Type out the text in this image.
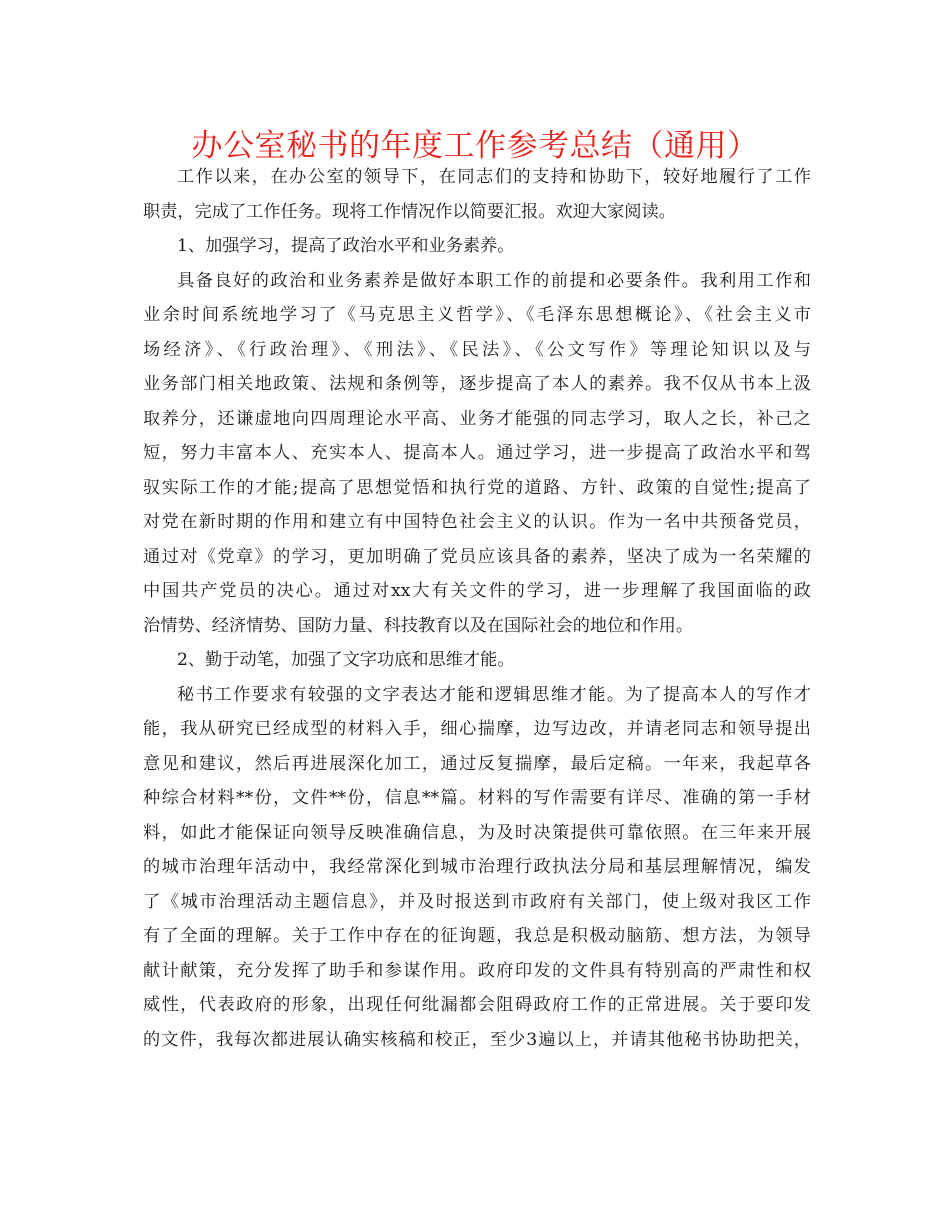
办公室秘书的年度工作参考总结（通用）
工作以来，在办公室的领导下，在同志们的支持和协助下，较好地履行了工作
职责，完成了工作任务。现将工作情况作以简要汇报。欢迎大家阅读。
1、加强学习，提高了政治水平和业务素养。
具备良好的政治和业务素养是做好本职工作的前提和必要条件。我利用工作和
业余时间系统地学习了《马克思主义哲学》、《毛泽东思想概论》、《社会主义市
场经济》、《行政治理》、《刑法》、《民法》、《公文写作》等理论知识以及与
业务部门相关地政策、法规和条例等，逐步提高了本人的素养。我不仅从书本上汲
取养分，还谦虚地向四周理论水平高、业务才能强的同志学习，取人之长，补己之
短，努力丰富本人、充实本人、提高本人。通过学习，进一步提高了政治水平和驾
驭实际工作的才能;提高了思想觉悟和执行党的道路、方针、政策的自觉性;提高了
对党在新时期的作用和建立有中国特色社会主义的认识。作为一名中共预备党员，
通过对《党章》的学习，更加明确了党员应该具备的素养，坚决了成为一名荣耀的
中国共产党员的决心。通过对xx大有关文件的学习，进一步理解了我国面临的政
治情势、经济情势、国防力量、科技教育以及在国际社会的地位和作用。
2、勤于动笔，加强了文字功底和思维才能。
秘书工作要求有较强的文字表达才能和逻辑思维才能。为了提高本人的写作才
能，我从研究已经成型的材料入手，细心揣摩，边写边改，并请老同志和领导提出
意见和建议，然后再进展深化加工，通过反复揣摩，最后定稿。一年来，我起草各
种综合材料**份，文件**份，信息**篇。材料的写作需要有详尽、准确的第一手材
料，如此才能保证向领导反映准确信息，为及时决策提供可靠依照。在三年来开展
的城市治理年活动中，我经常深化到城市治理行政执法分局和基层理解情况，编发
了《城市治理活动主题信息》，并及时报送到市政府有关部门，使上级对我区工作
有了全面的理解。关于工作中存在的征询题，我总是积极动脑筋、想方法，为领导
献计献策，充分发挥了助手和参谋作用。政府印发的文件具有特别高的严肃性和权
威性，代表政府的形象，出现任何纰漏都会阻碍政府工作的正常进展。关于要印发
的文件，我每次都进展认确实核稿和校正，至少3遍以上，并请其他秘书协助把关，
